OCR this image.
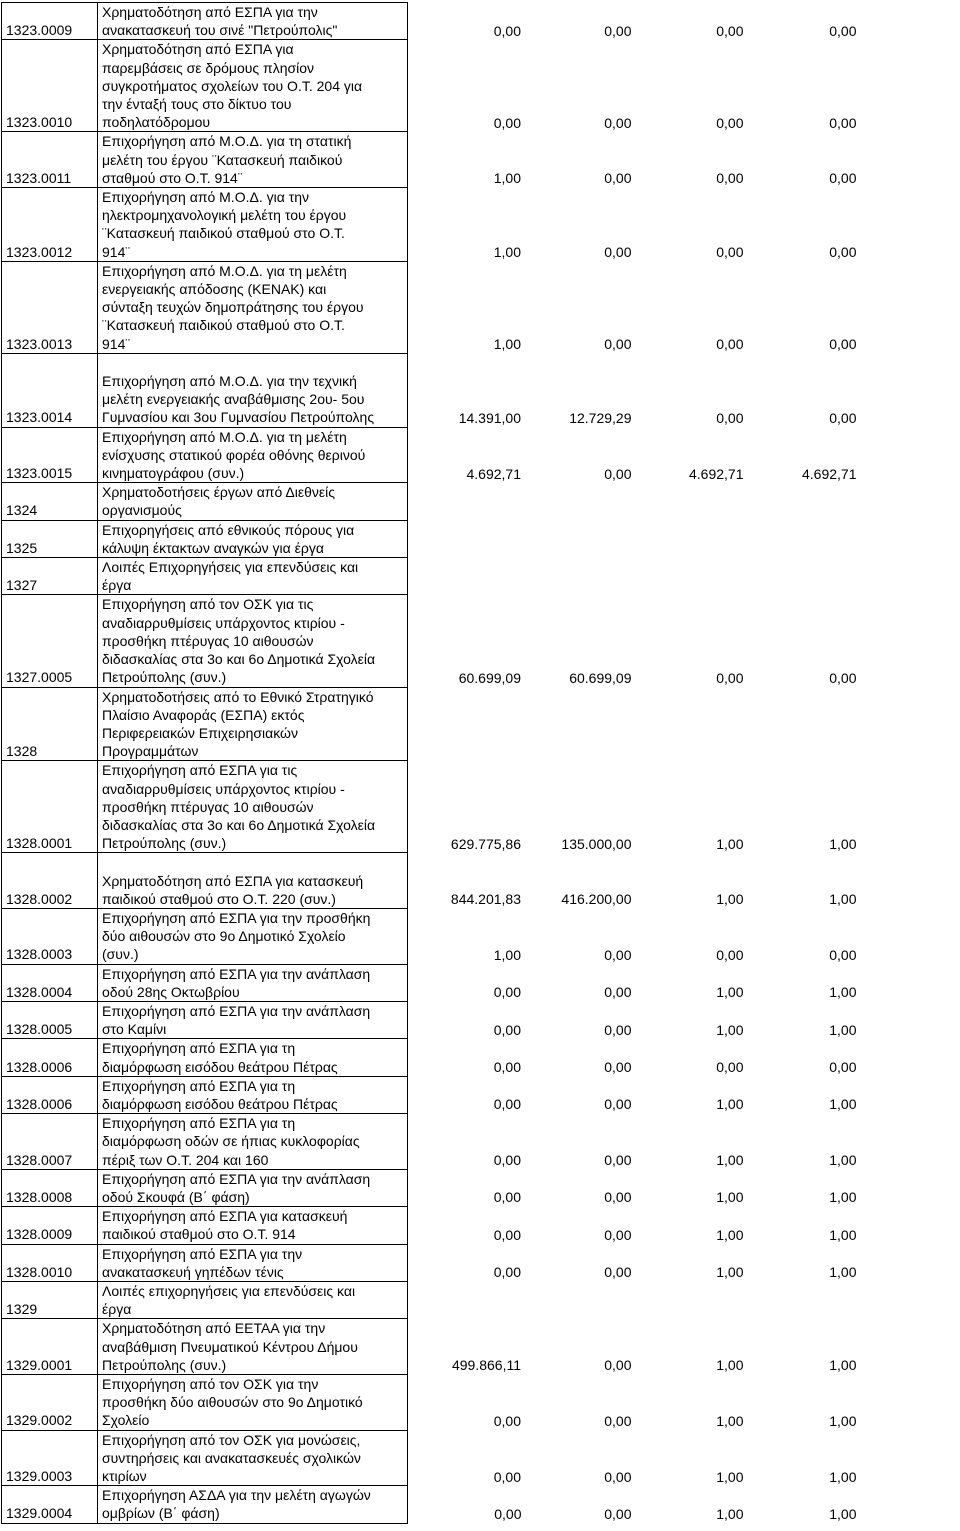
1323.0009	Χρηματοδότηση από ΕΣΠΑ για την
ανακατασκευή του σινέ "Πετρούπολις"	0,00	0,00	0,00	0,00
1323.0010	Χρηματοδότηση από ΕΣΠΑ για
παρεμβάσεις σε δρόμους πλησίον
συγκροτήματος σχολείων του Ο.Τ. 204 για
την ένταξή τους στο δίκτυο του
ποδηλατόδρομου	0,00	0,00	0,00	0,00
1323.0011	Επιχορήγηση από Μ.Ο.Δ. για τη στατική
μελέτη του έργου ¨Κατασκευή παιδικού
σταθμού στο Ο.Τ. 914¨	1,00	0,00	0,00	0,00
1323.0012	Επιχορήγηση από Μ.Ο.Δ. για την
ηλεκτρομηχανολογική μελέτη του έργου
¨Κατασκευή παιδικού σταθμού στο Ο.Τ.
914¨	1,00	0,00	0,00	0,00
1323.0013	Επιχορήγηση από Μ.Ο.Δ. για τη μελέτη
ενεργειακής απόδοσης (ΚΕΝΑΚ) και
σύνταξη τευχών δημοπράτησης του έργου
¨Κατασκευή παιδικού σταθμού στο Ο.Τ.
914¨	1,00	0,00	0,00	0,00
1323.0014	Επιχορήγηση από Μ.Ο.Δ. για την τεχνική
μελέτη ενεργειακής αναβάθμισης 2ου- 5ου
Γυμνασίου και 3ου Γυμνασίου Πετρούπολης	14.391,00	12.729,29	0,00	0,00
1323.0015	Επιχορήγηση από Μ.Ο.Δ. για τη μελέτη
ενίσχυσης στατικού φορέα οθόνης θερινού
κινηματογράφου (συν.)	4.692,71	0,00	4.692,71	4.692,71
1324	Χρηματοδοτήσεις έργων από Διεθνείς
οργανισμούς				
1325	Επιχορηγήσεις από εθνικούς πόρους για
κάλυψη έκτακτων αναγκών για έργα				
1327	Λοιπές Επιχορηγήσεις για επενδύσεις και
έργα				
1327.0005	Επιχορήγηση από τον ΟΣΚ για τις
αναδιαρρυθμίσεις υπάρχοντος κτιρίου -
προσθήκη πτέρυγας 10 αιθουσών
διδασκαλίας στα 3ο και 6ο Δημοτικά Σχολεία
Πετρούπολης (συν.)	60.699,09	60.699,09	0,00	0,00
1328	Χρηματοδοτήσεις από το Εθνικό Στρατηγικό
Πλαίσιο Αναφοράς (ΕΣΠΑ) εκτός
Περιφερειακών Επιχειρησιακών
Προγραμμάτων				
1328.0001	Επιχορήγηση από ΕΣΠΑ για τις
αναδιαρρυθμίσεις υπάρχοντος κτιρίου -
προσθήκη πτέρυγας 10 αιθουσών
διδασκαλίας στα 3ο και 6ο Δημοτικά Σχολεία
Πετρούπολης (συν.)	629.775,86	135.000,00	1,00	1,00
1328.0002	Χρηματοδότηση από ΕΣΠΑ για κατασκευή
παιδικού σταθμού στο Ο.Τ. 220 (συν.)	844.201,83	416.200,00	1,00	1,00
1328.0003	Επιχορήγηση από ΕΣΠΑ για την προσθήκη
δύο αιθουσών στο 9ο Δημοτικό Σχολείο
(συν.)	1,00	0,00	0,00	0,00
1328.0004	Επιχορήγηση από ΕΣΠΑ για την ανάπλαση
οδού 28ης Οκτωβρίου	0,00	0,00	1,00	1,00
1328.0005	Επιχορήγηση από ΕΣΠΑ για την ανάπλαση
στο Καμίνι	0,00	0,00	1,00	1,00
1328.0006	Επιχορήγηση από ΕΣΠΑ για τη
διαμόρφωση εισόδου θεάτρου Πέτρας	0,00	0,00	0,00	0,00
1328.0006	Επιχορήγηση από ΕΣΠΑ για τη
διαμόρφωση εισόδου θεάτρου Πέτρας	0,00	0,00	1,00	1,00
1328.0007	Επιχορήγηση από ΕΣΠΑ για τη
διαμόρφωση οδών σε ήπιας κυκλοφορίας
πέριξ των Ο.Τ. 204 και 160	0,00	0,00	1,00	1,00
1328.0008	Επιχορήγηση από ΕΣΠΑ για την ανάπλαση
οδού Σκουφά (Β΄ φάση)	0,00	0,00	1,00	1,00
1328.0009	Επιχορήγηση από ΕΣΠΑ για κατασκευή
παιδικού σταθμού στο Ο.Τ. 914	0,00	0,00	1,00	1,00
1328.0010	Επιχορήγηση από ΕΣΠΑ για την
ανακατασκευή γηπέδων τένις	0,00	0,00	1,00	1,00
1329	Λοιπές επιχορηγήσεις για επενδύσεις και
έργα				
1329.0001	Χρηματοδότηση από ΕΕΤΑΑ για την
αναβάθμιση Πνευματικού Κέντρου Δήμου
Πετρούπολης (συν.)	499.866,11	0,00	1,00	1,00
1329.0002	Επιχορήγηση από τον ΟΣΚ για την
προσθήκη δύο αιθουσών στο 9ο Δημοτικό
Σχολείο	0,00	0,00	1,00	1,00
1329.0003	Επιχορήγηση από τον ΟΣΚ για μονώσεις,
συντηρήσεις και ανακατασκευές σχολικών
κτιρίων	0,00	0,00	1,00	1,00
1329.0004	Επιχορήγηση ΑΣΔΑ για την μελέτη αγωγών
ομβρίων (Β΄ φάση)	0,00	0,00	1,00	1,00
